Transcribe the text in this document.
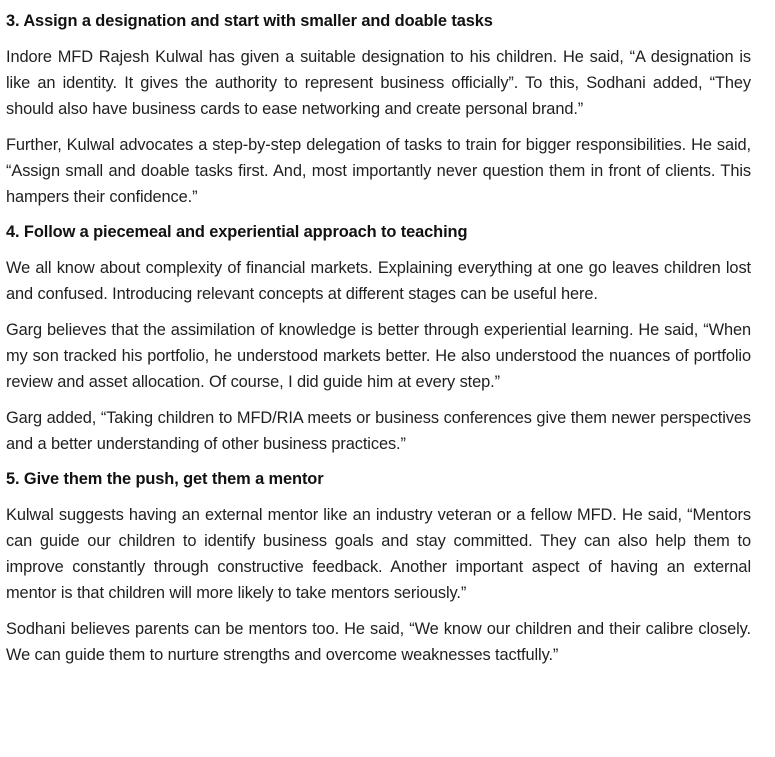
3. Assign a designation and start with smaller and doable tasks

Indore MFD Rajesh Kulwal has given a suitable designation to his children. He said, “A designation is like an identity. It gives the authority to represent business officially”. To this, Sodhani added, “They should also have business cards to ease networking and create personal brand.”

Further, Kulwal advocates a step-by-step delegation of tasks to train for bigger responsibilities. He said, “Assign small and doable tasks first. And, most importantly never question them in front of clients. This hampers their confidence.”

4. Follow a piecemeal and experiential approach to teaching

We all know about complexity of financial markets. Explaining everything at one go leaves children lost and confused. Introducing relevant concepts at different stages can be useful here.

Garg believes that the assimilation of knowledge is better through experiential learning. He said, “When my son tracked his portfolio, he understood markets better. He also understood the nuances of portfolio review and asset allocation. Of course, I did guide him at every step.”

Garg added, “Taking children to MFD/RIA meets or business conferences give them newer perspectives and a better understanding of other business practices.”

5. Give them the push, get them a mentor

Kulwal suggests having an external mentor like an industry veteran or a fellow MFD. He said, “Mentors can guide our children to identify business goals and stay committed. They can also help them to improve constantly through constructive feedback. Another important aspect of having an external mentor is that children will more likely to take mentors seriously.”

Sodhani believes parents can be mentors too. He said, “We know our children and their calibre closely. We can guide them to nurture strengths and overcome weaknesses tactfully.”
